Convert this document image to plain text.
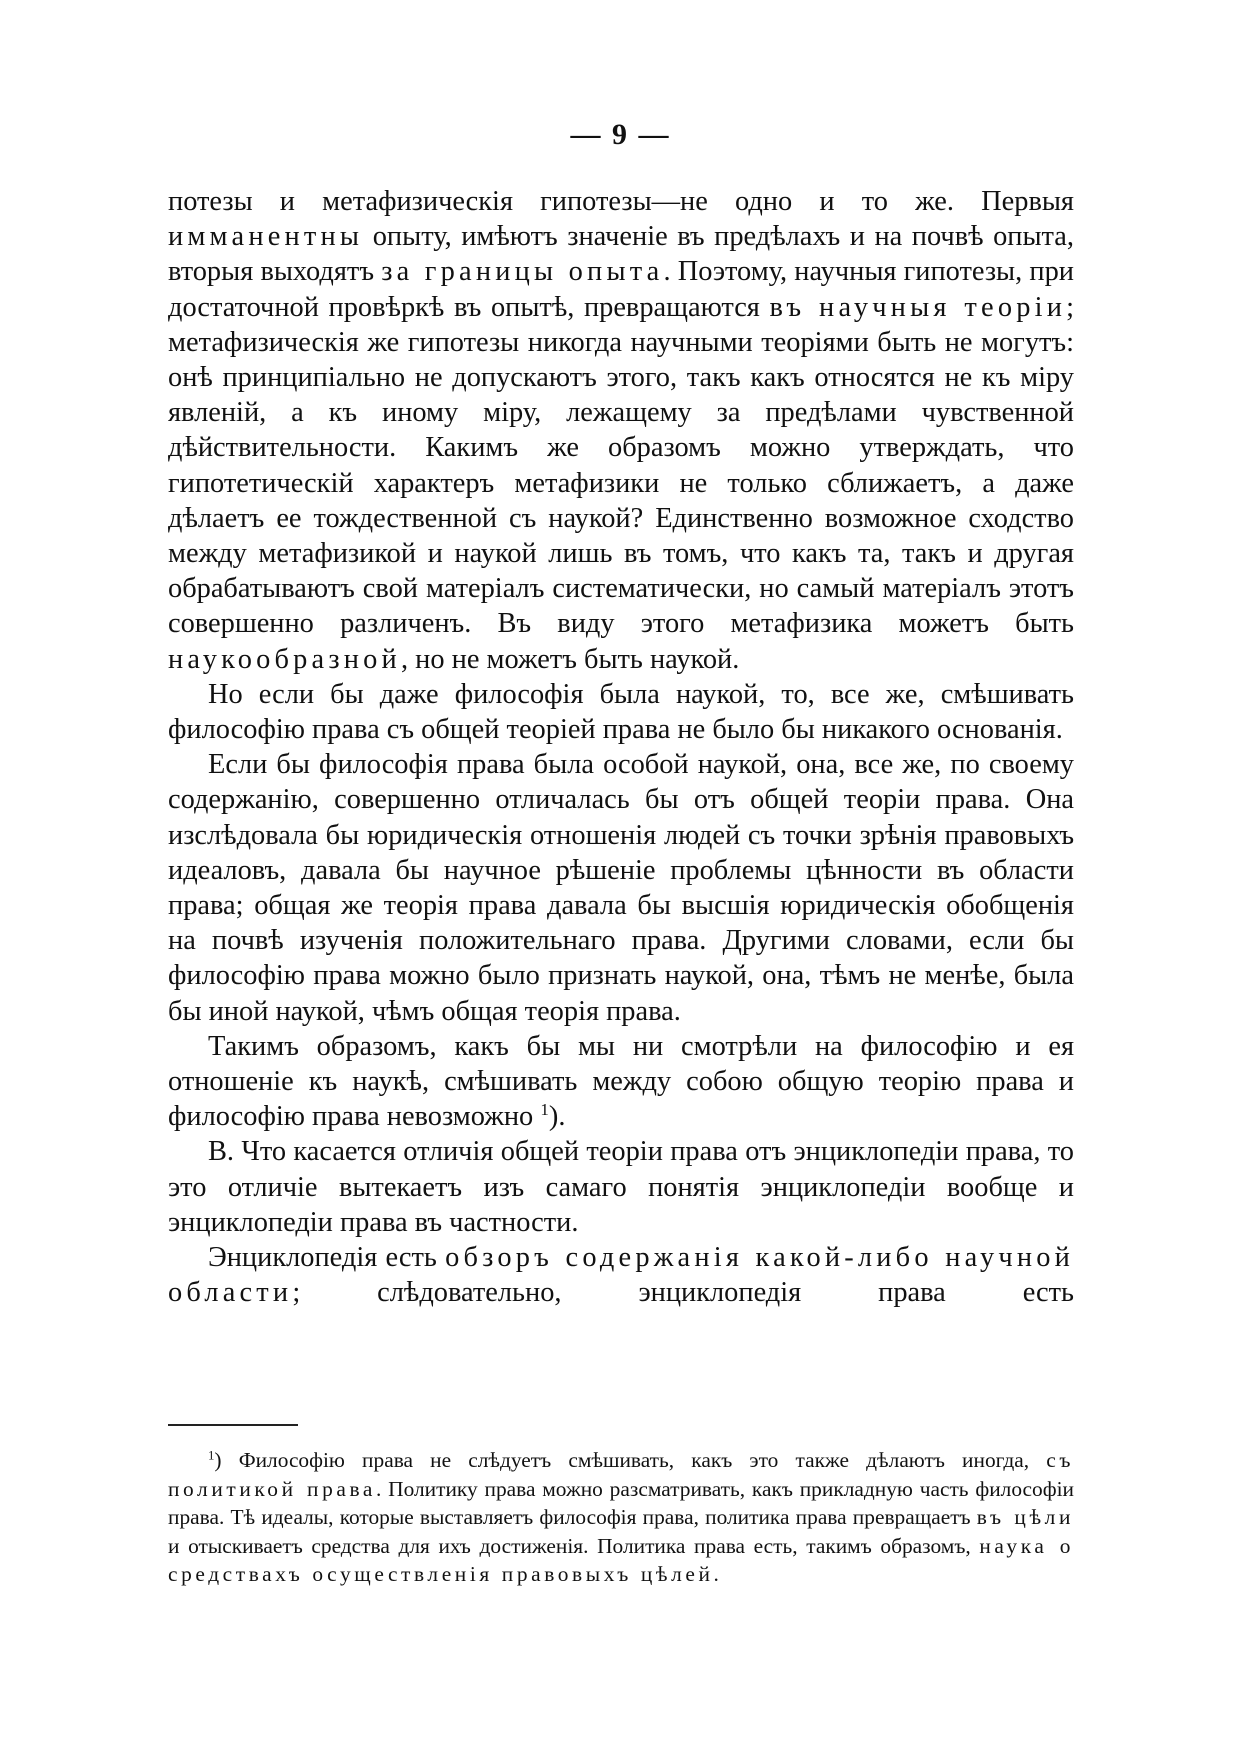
— 9 —

потезы и метафизическія гипотезы—не одно и то же. Первыя имманентны опыту, имѣютъ значеніе въ предѣлахъ и на почвѣ опыта, вторыя выходятъ за границы опыта. Поэтому, научныя гипотезы, при достаточной провѣркѣ въ опытѣ, превращаются въ научныя теоріи; метафизическія же гипотезы никогда научными теоріями быть не могутъ: онѣ принципіально не допускаютъ этого, такъ какъ относятся не къ міру явленій, а къ иному міру, лежащему за предѣлами чувственной дѣйствительности. Какимъ же образомъ можно утверждать, что гипотетическій характеръ метафизики не только сближаетъ, а даже дѣлаетъ ее тождественной съ наукой? Единственно возможное сходство между метафизикой и наукой лишь въ томъ, что какъ та, такъ и другая обрабатываютъ свой матеріалъ систематически, но самый матеріалъ этотъ совершенно различенъ. Въ виду этого метафизика можетъ быть наукообразной, но не можетъ быть наукой.

Но если бы даже философія была наукой, то, все же, смѣшивать философію права съ общей теоріей права не было бы никакого основанія.

Если бы философія права была особой наукой, она, все же, по своему содержанію, совершенно отличалась бы отъ общей теоріи права. Она изслѣдовала бы юридическія отношенія людей съ точки зрѣнія правовыхъ идеаловъ, давала бы научное рѣшеніе проблемы цѣнности въ области права; общая же теорія права давала бы высшія юридическія обобщенія на почвѣ изученія положительнаго права. Другими словами, если бы философію права можно было признать наукой, она, тѣмъ не менѣе, была бы иной наукой, чѣмъ общая теорія права.

Такимъ образомъ, какъ бы мы ни смотрѣли на философію и ея отношеніе къ наукѣ, смѣшивать между собою общую теорію права и философію права невозможно $^1$).

В. Что касается отличія общей теоріи права отъ энциклопедіи права, то это отличіе вытекаетъ изъ самаго понятія энциклопедіи вообще и энциклопедіи права въ частности.

Энциклопедія есть обзоръ содержанія какой-либо научной области; слѣдовательно, энциклопедія права есть

$^1$) Философію права не слѣдуетъ смѣшивать, какъ это также дѣлаютъ иногда, съ политикой права. Политику права можно разсматривать, какъ прикладную часть философіи права. Тѣ идеалы, которые выставляетъ философія права, политика права превращаетъ въ цѣли и отыскиваетъ средства для ихъ достиженія. Политика права есть, такимъ образомъ, наука о средствахъ осуществленія правовыхъ цѣлей.
